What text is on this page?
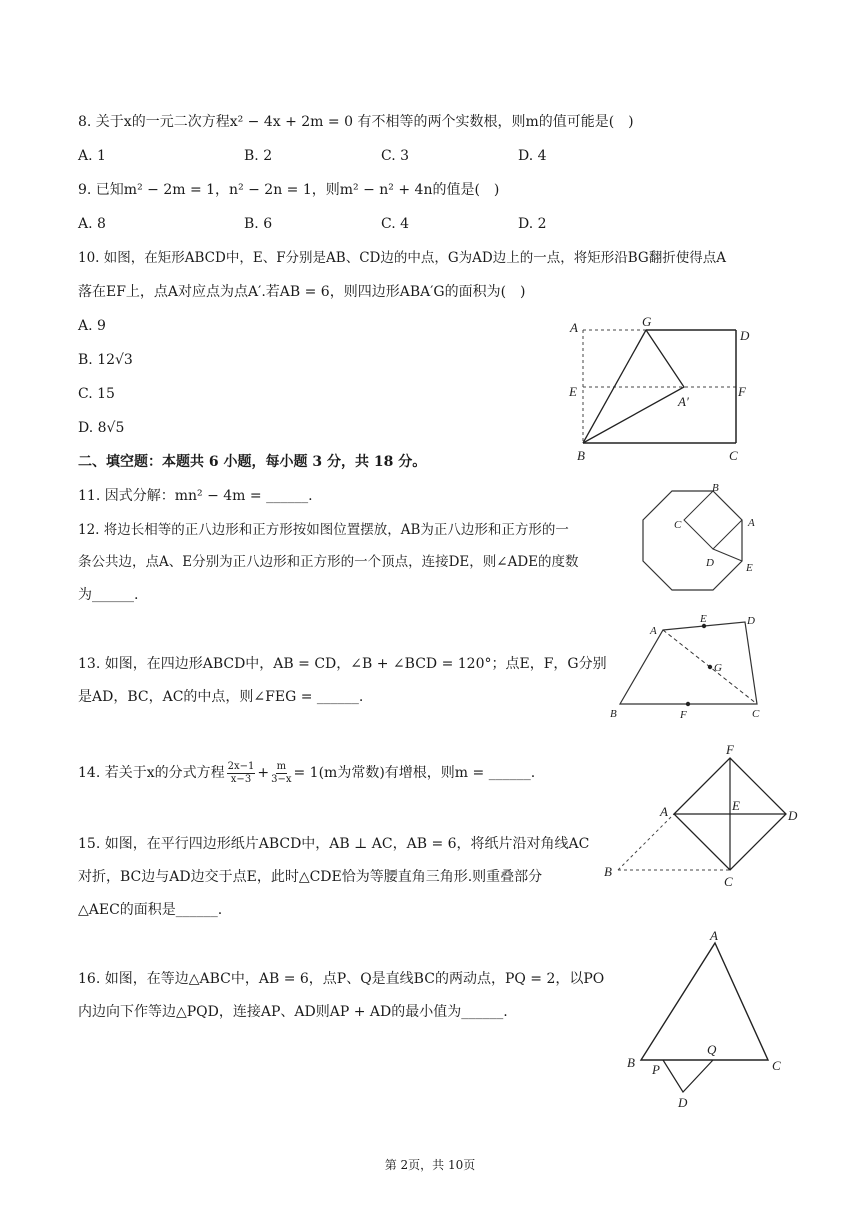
8. 关于x的一元二次方程x² − 4x + 2m = 0 有不相等的两个实数根，则m的值可能是(　)
A. 1	B. 2	C. 3	D. 4
9. 已知m² − 2m = 1，n² − 2n = 1，则m² − n² + 4n的值是(　)
A. 8	B. 6	C. 4	D. 2
10. 如图，在矩形ABCD中，E、F分别是AB、CD边的中点，G为AD边上的一点，将矩形沿BG翻折使得点A
落在EF上，点A对应点为点A′.若AB = 6，则四边形ABA′G的面积为(　)
A. 9
B. 12√3
C. 15
D. 8√5
A	G
D
E	F
A′
B	C
二、填空题：本题共 6 小题，每小题 3 分，共 18 分。
11. 因式分解：mn² − 4m = ______.
12. 将边长相等的正八边形和正方形按如图位置摆放，AB为正八边形和正方形的一
条公共边，点A、E分别为正八边形和正方形的一个顶点，连接DE，则∠ADE的度数
为______.
B
C	A
D	E
13. 如图，在四边形ABCD中，AB = CD，∠B + ∠BCD = 120°；点E，F，G分别
是AD，BC，AC的中点，则∠FEG = ______.
A
E	D
G
B	F	C
14. 若关于x的分式方程 $\frac{2x-1}{x-3} + \frac{m}{3-x} = 1(m$为常数)有增根，则m = ______.
F
A	E
D
B
C
15. 如图，在平行四边形纸片ABCD中，AB ⊥ AC，AB = 6，将纸片沿对角线AC
对折，BC边与AD边交于点E，此时△CDE恰为等腰直角三角形.则重叠部分
△AEC的面积是______.
16. 如图，在等边△ABC中，AB = 6，点P、Q是直线BC的两动点，PQ = 2，以PO
内边向下作等边△PQD，连接AP、AD则AP + AD的最小值为______.
A
B
Q
C
P
D
第 2页，共 10页
